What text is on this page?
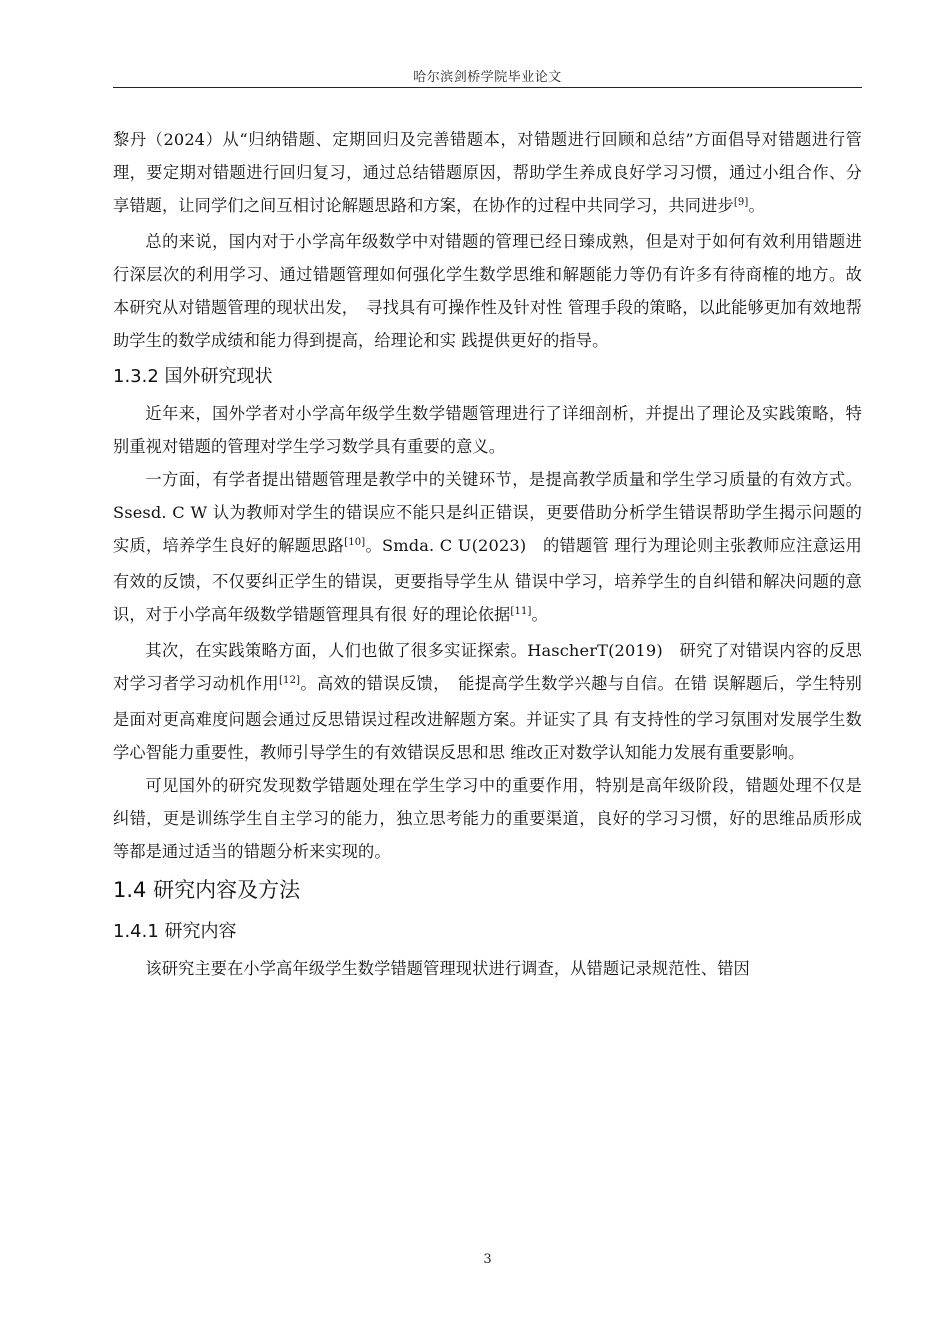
哈尔滨剑桥学院毕业论文

黎丹（2024）从“归纳错题、定期回归及完善错题本，对错题进行回顾和总结”方面倡导对错题进行管理，要定期对错题进行回归复习，通过总结错题原因，帮助学生养成良好学习习惯，通过小组合作、分享错题，让同学们之间互相讨论解题思路和方案，在协作的过程中共同学习，共同进步[9]。

总的来说，国内对于小学高年级数学中对错题的管理已经日臻成熟，但是对于如何有效利用错题进行深层次的利用学习、通过错题管理如何强化学生数学思维和解题能力等仍有许多有待商榷的地方。故本研究从对错题管理的现状出发，　寻找具有可操作性及针对性 管理手段的策略，以此能够更加有效地帮助学生的数学成绩和能力得到提高，给理论和实 践提供更好的指导。

1.3.2 国外研究现状

近年来，国外学者对小学高年级学生数学错题管理进行了详细剖析，并提出了理论及实践策略，特别重视对错题的管理对学生学习数学具有重要的意义。

一方面，有学者提出错题管理是教学中的关键环节，是提高教学质量和学生学习质量的有效方式。Ssesd. C W 认为教师对学生的错误应不能只是纠正错误，更要借助分析学生错误帮助学生揭示问题的实质，培养学生良好的解题思路[10]。Smda. C U(2023)　的错题管 理行为理论则主张教师应注意运用有效的反馈，不仅要纠正学生的错误，更要指导学生从 错误中学习，培养学生的自纠错和解决问题的意识，对于小学高年级数学错题管理具有很 好的理论依据[11]。

其次，在实践策略方面，人们也做了很多实证探索。HascherT(2019)　研究了对错误内容的反思对学习者学习动机作用[12]。高效的错误反馈，　能提高学生数学兴趣与自信。在错 误解题后，学生特别是面对更高难度问题会通过反思错误过程改进解题方案。并证实了具 有支持性的学习氛围对发展学生数学心智能力重要性，教师引导学生的有效错误反思和思 维改正对数学认知能力发展有重要影响。

可见国外的研究发现数学错题处理在学生学习中的重要作用，特别是高年级阶段，错题处理不仅是纠错，更是训练学生自主学习的能力，独立思考能力的重要渠道，良好的学习习惯，好的思维品质形成等都是通过适当的错题分析来实现的。

1.4 研究内容及方法
1.4.1 研究内容

该研究主要在小学高年级学生数学错题管理现状进行调查，从错题记录规范性、错因

3
